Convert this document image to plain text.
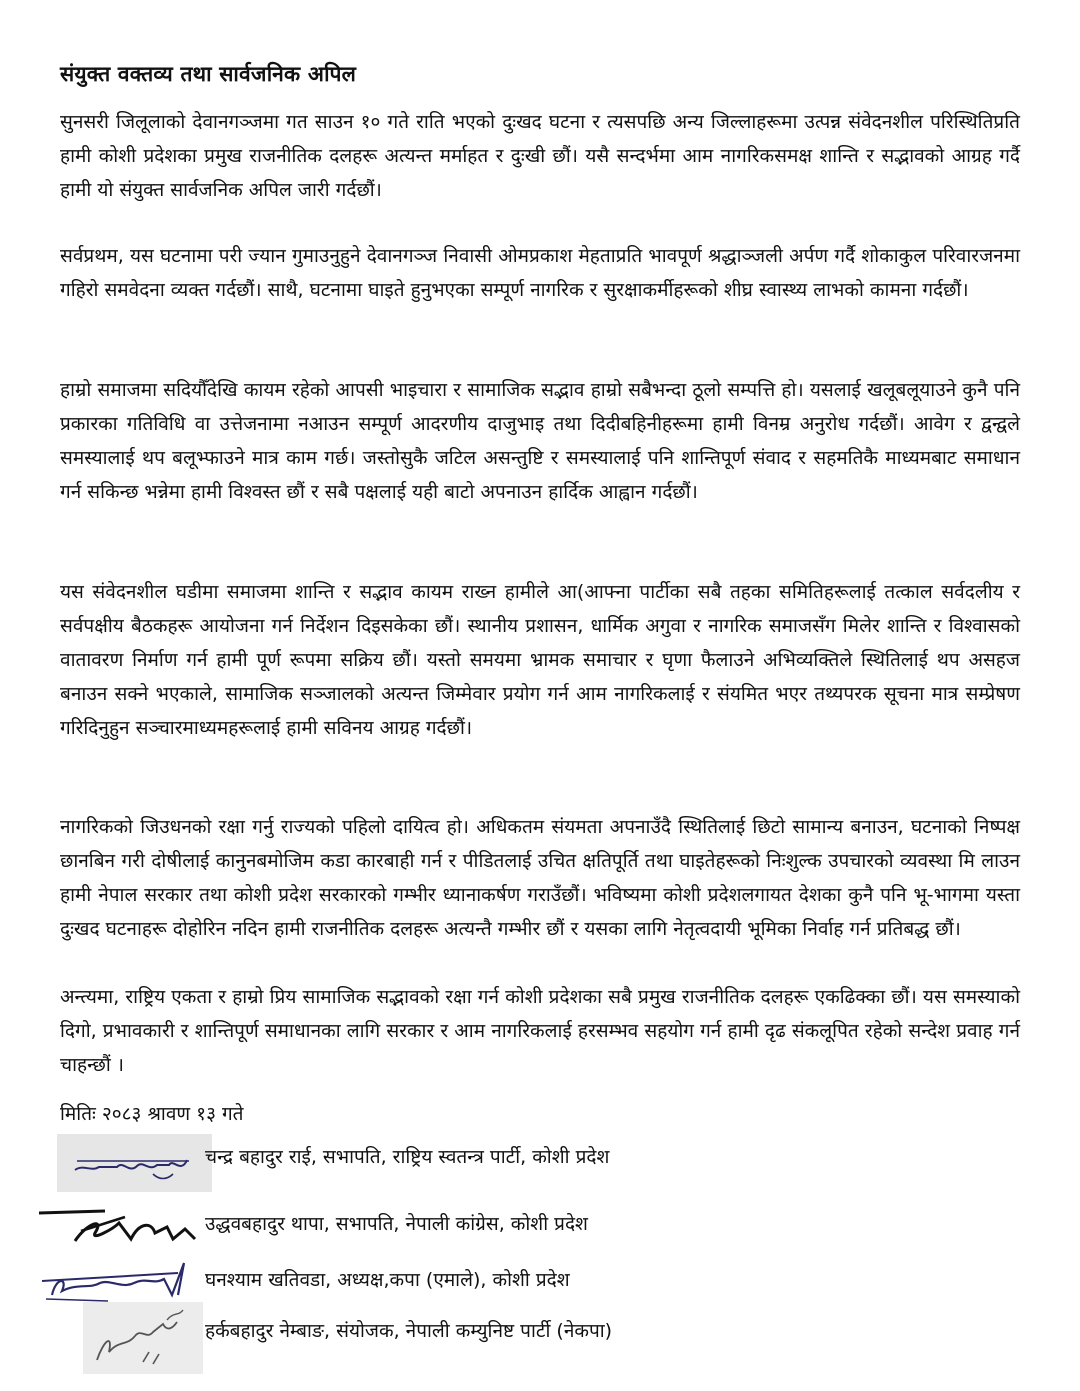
संयुक्त वक्तव्य तथा सार्वजनिक अपिल

सुनसरी जिलूलाको देवानगञ्जमा गत साउन १० गते राति भएको दुःखद घटना र त्यसपछि अन्य जिल्लाहरूमा उत्पन्न संवेदनशील परिस्थितिप्रति हामी कोशी प्रदेशका प्रमुख राजनीतिक दलहरू अत्यन्त मर्माहत र दुःखी छौं। यसै सन्दर्भमा आम नागरिकसमक्ष शान्ति र सद्भावको आग्रह गर्दै हामी यो संयुक्त सार्वजनिक अपिल जारी गर्दछौं।

सर्वप्रथम, यस घटनामा परी ज्यान गुमाउनुहुने देवानगञ्ज निवासी ओमप्रकाश मेहताप्रति भावपूर्ण श्रद्धाञ्जली अर्पण गर्दै शोकाकुल परिवारजनमा गहिरो समवेदना व्यक्त गर्दछौं। साथै, घटनामा घाइते हुनुभएका सम्पूर्ण नागरिक र सुरक्षाकर्मीहरूको शीघ्र स्वास्थ्य लाभको कामना गर्दछौं।

हाम्रो समाजमा सदियौँदेखि कायम रहेको आपसी भाइचारा र सामाजिक सद्भाव हाम्रो सबैभन्दा ठूलो सम्पत्ति हो। यसलाई खलूबलूयाउने कुनै पनि प्रकारका गतिविधि वा उत्तेजनामा नआउन सम्पूर्ण आदरणीय दाजुभाइ तथा दिदीबहिनीहरूमा हामी विनम्र अनुरोध गर्दछौं। आवेग र द्वन्द्वले समस्यालाई थप बलूभ्फाउने मात्र काम गर्छ। जस्तोसुकै जटिल असन्तुष्टि र समस्यालाई पनि शान्तिपूर्ण संवाद र सहमतिकै माध्यमबाट समाधान गर्न सकिन्छ भन्नेमा हामी विश्वस्त छौं र सबै पक्षलाई यही बाटो अपनाउन हार्दिक आह्वान गर्दछौं।

यस संवेदनशील घडीमा समाजमा शान्ति र सद्भाव कायम राख्न हामीले आ(आफ्ना पार्टीका सबै तहका समितिहरूलाई तत्काल सर्वदलीय र सर्वपक्षीय बैठकहरू आयोजना गर्न निर्देशन दिइसकेका छौं। स्थानीय प्रशासन, धार्मिक अगुवा र नागरिक समाजसँग मिलेर शान्ति र विश्वासको वातावरण निर्माण गर्न हामी पूर्ण रूपमा सक्रिय छौं। यस्तो समयमा भ्रामक समाचार र घृणा फैलाउने अभिव्यक्तिले स्थितिलाई थप असहज बनाउन सक्ने भएकाले, सामाजिक सञ्जालको अत्यन्त जिम्मेवार प्रयोग गर्न आम नागरिकलाई र संयमित भएर तथ्यपरक सूचना मात्र सम्प्रेषण गरिदिनुहुन सञ्चारमाध्यमहरूलाई हामी सविनय आग्रह गर्दछौं।

नागरिकको जिउधनको रक्षा गर्नु राज्यको पहिलो दायित्व हो। अधिकतम संयमता अपनाउँदै स्थितिलाई छिटो सामान्य बनाउन, घटनाको निष्पक्ष छानबिन गरी दोषीलाई कानुनबमोजिम कडा कारबाही गर्न र पीडितलाई उचित क्षतिपूर्ति तथा घाइतेहरूको निःशुल्क उपचारको व्यवस्था मि लाउन हामी नेपाल सरकार तथा कोशी प्रदेश सरकारको गम्भीर ध्यानाकर्षण गराउँछौं। भविष्यमा कोशी प्रदेशलगायत देशका कुनै पनि भू-भागमा यस्ता दुःखद घटनाहरू दोहोरिन नदिन हामी राजनीतिक दलहरू अत्यन्तै गम्भीर छौं र यसका लागि नेतृत्वदायी भूमिका निर्वाह गर्न प्रतिबद्ध छौं।

अन्त्यमा, राष्ट्रिय एकता र हाम्रो प्रिय सामाजिक सद्भावको रक्षा गर्न कोशी प्रदेशका सबै प्रमुख राजनीतिक दलहरू एकढिक्का छौं। यस समस्याको दिगो, प्रभावकारी र शान्तिपूर्ण समाधानका लागि सरकार र आम नागरिकलाई हरसम्भव सहयोग गर्न हामी दृढ संकलूपित रहेको सन्देश प्रवाह गर्न चाहन्छौं ।

मितिः २०८३ श्रावण १३ गते
चन्द्र बहादुर राई, सभापति, राष्ट्रिय स्वतन्त्र पार्टी, कोशी प्रदेश
उद्धवबहादुर थापा, सभापति, नेपाली कांग्रेस, कोशी प्रदेश
घनश्याम खतिवडा, अध्यक्ष,कपा (एमाले), कोशी प्रदेश
हर्कबहादुर नेम्बाङ, संयोजक, नेपाली कम्युनिष्ट पार्टी (नेकपा)
